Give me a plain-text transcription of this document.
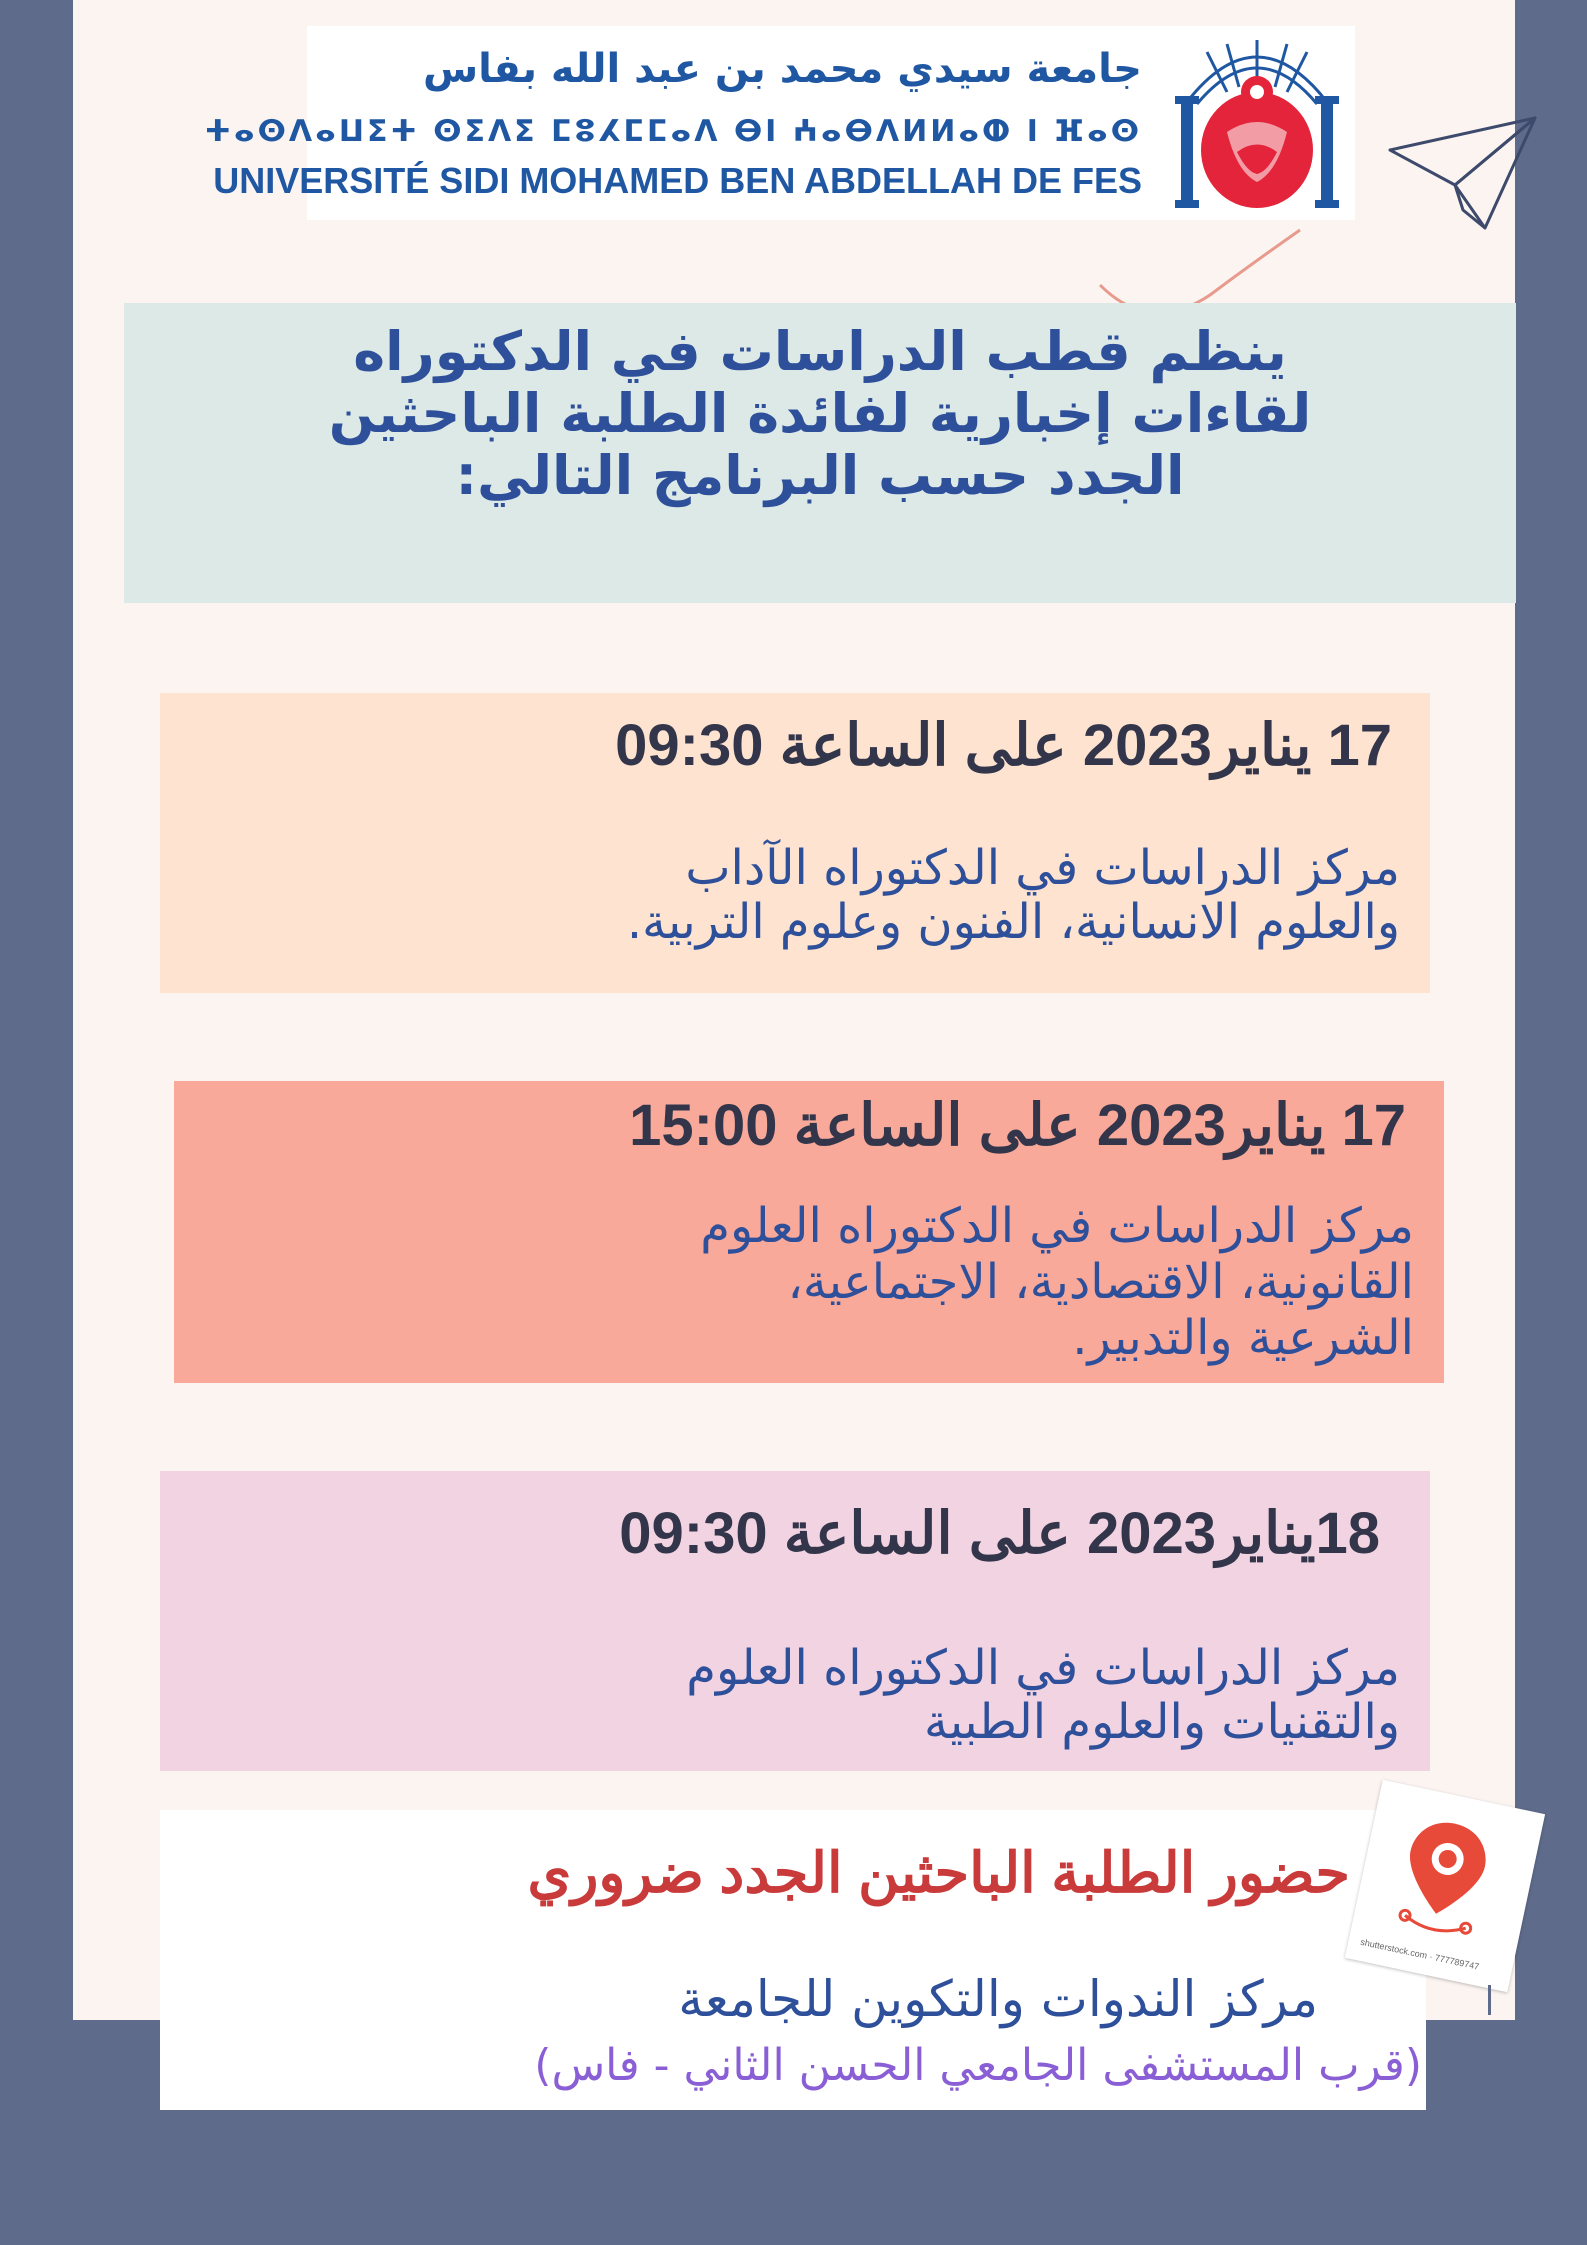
جامعة سيدي محمد بن عبد الله بفاس
ⵜⴰⵙⴷⴰⵡⵉⵜ ⵙⵉⴷⵉ ⵎⵓⵃⵎⵎⴰⴷ ⴱⵏ ⵄⴰⴱⴷⵍⵍⴰⵀ ⵏ ⴼⴰⵙ
UNIVERSITÉ SIDI MOHAMED BEN ABDELLAH DE FES
ينظم قطب الدراسات في الدكتوراه
لقاءات إخبارية لفائدة الطلبة الباحثين
الجدد حسب البرنامج التالي:
17 يناير2023 على الساعة 09:30
مركز الدراسات في الدكتوراه الآداب
والعلوم الانسانية، الفنون وعلوم التربية.
17 يناير2023 على الساعة 15:00
مركز الدراسات في الدكتوراه العلوم
القانونية، الاقتصادية، الاجتماعية،
الشرعية والتدبير.
18يناير2023 على الساعة 09:30
مركز الدراسات في الدكتوراه العلوم
والتقنيات والعلوم الطبية
حضور الطلبة الباحثين الجدد ضروري
مركز الندوات والتكوين للجامعة
(قرب المستشفى الجامعي الحسن الثاني - فاس)
shutterstock.com · 777789747
